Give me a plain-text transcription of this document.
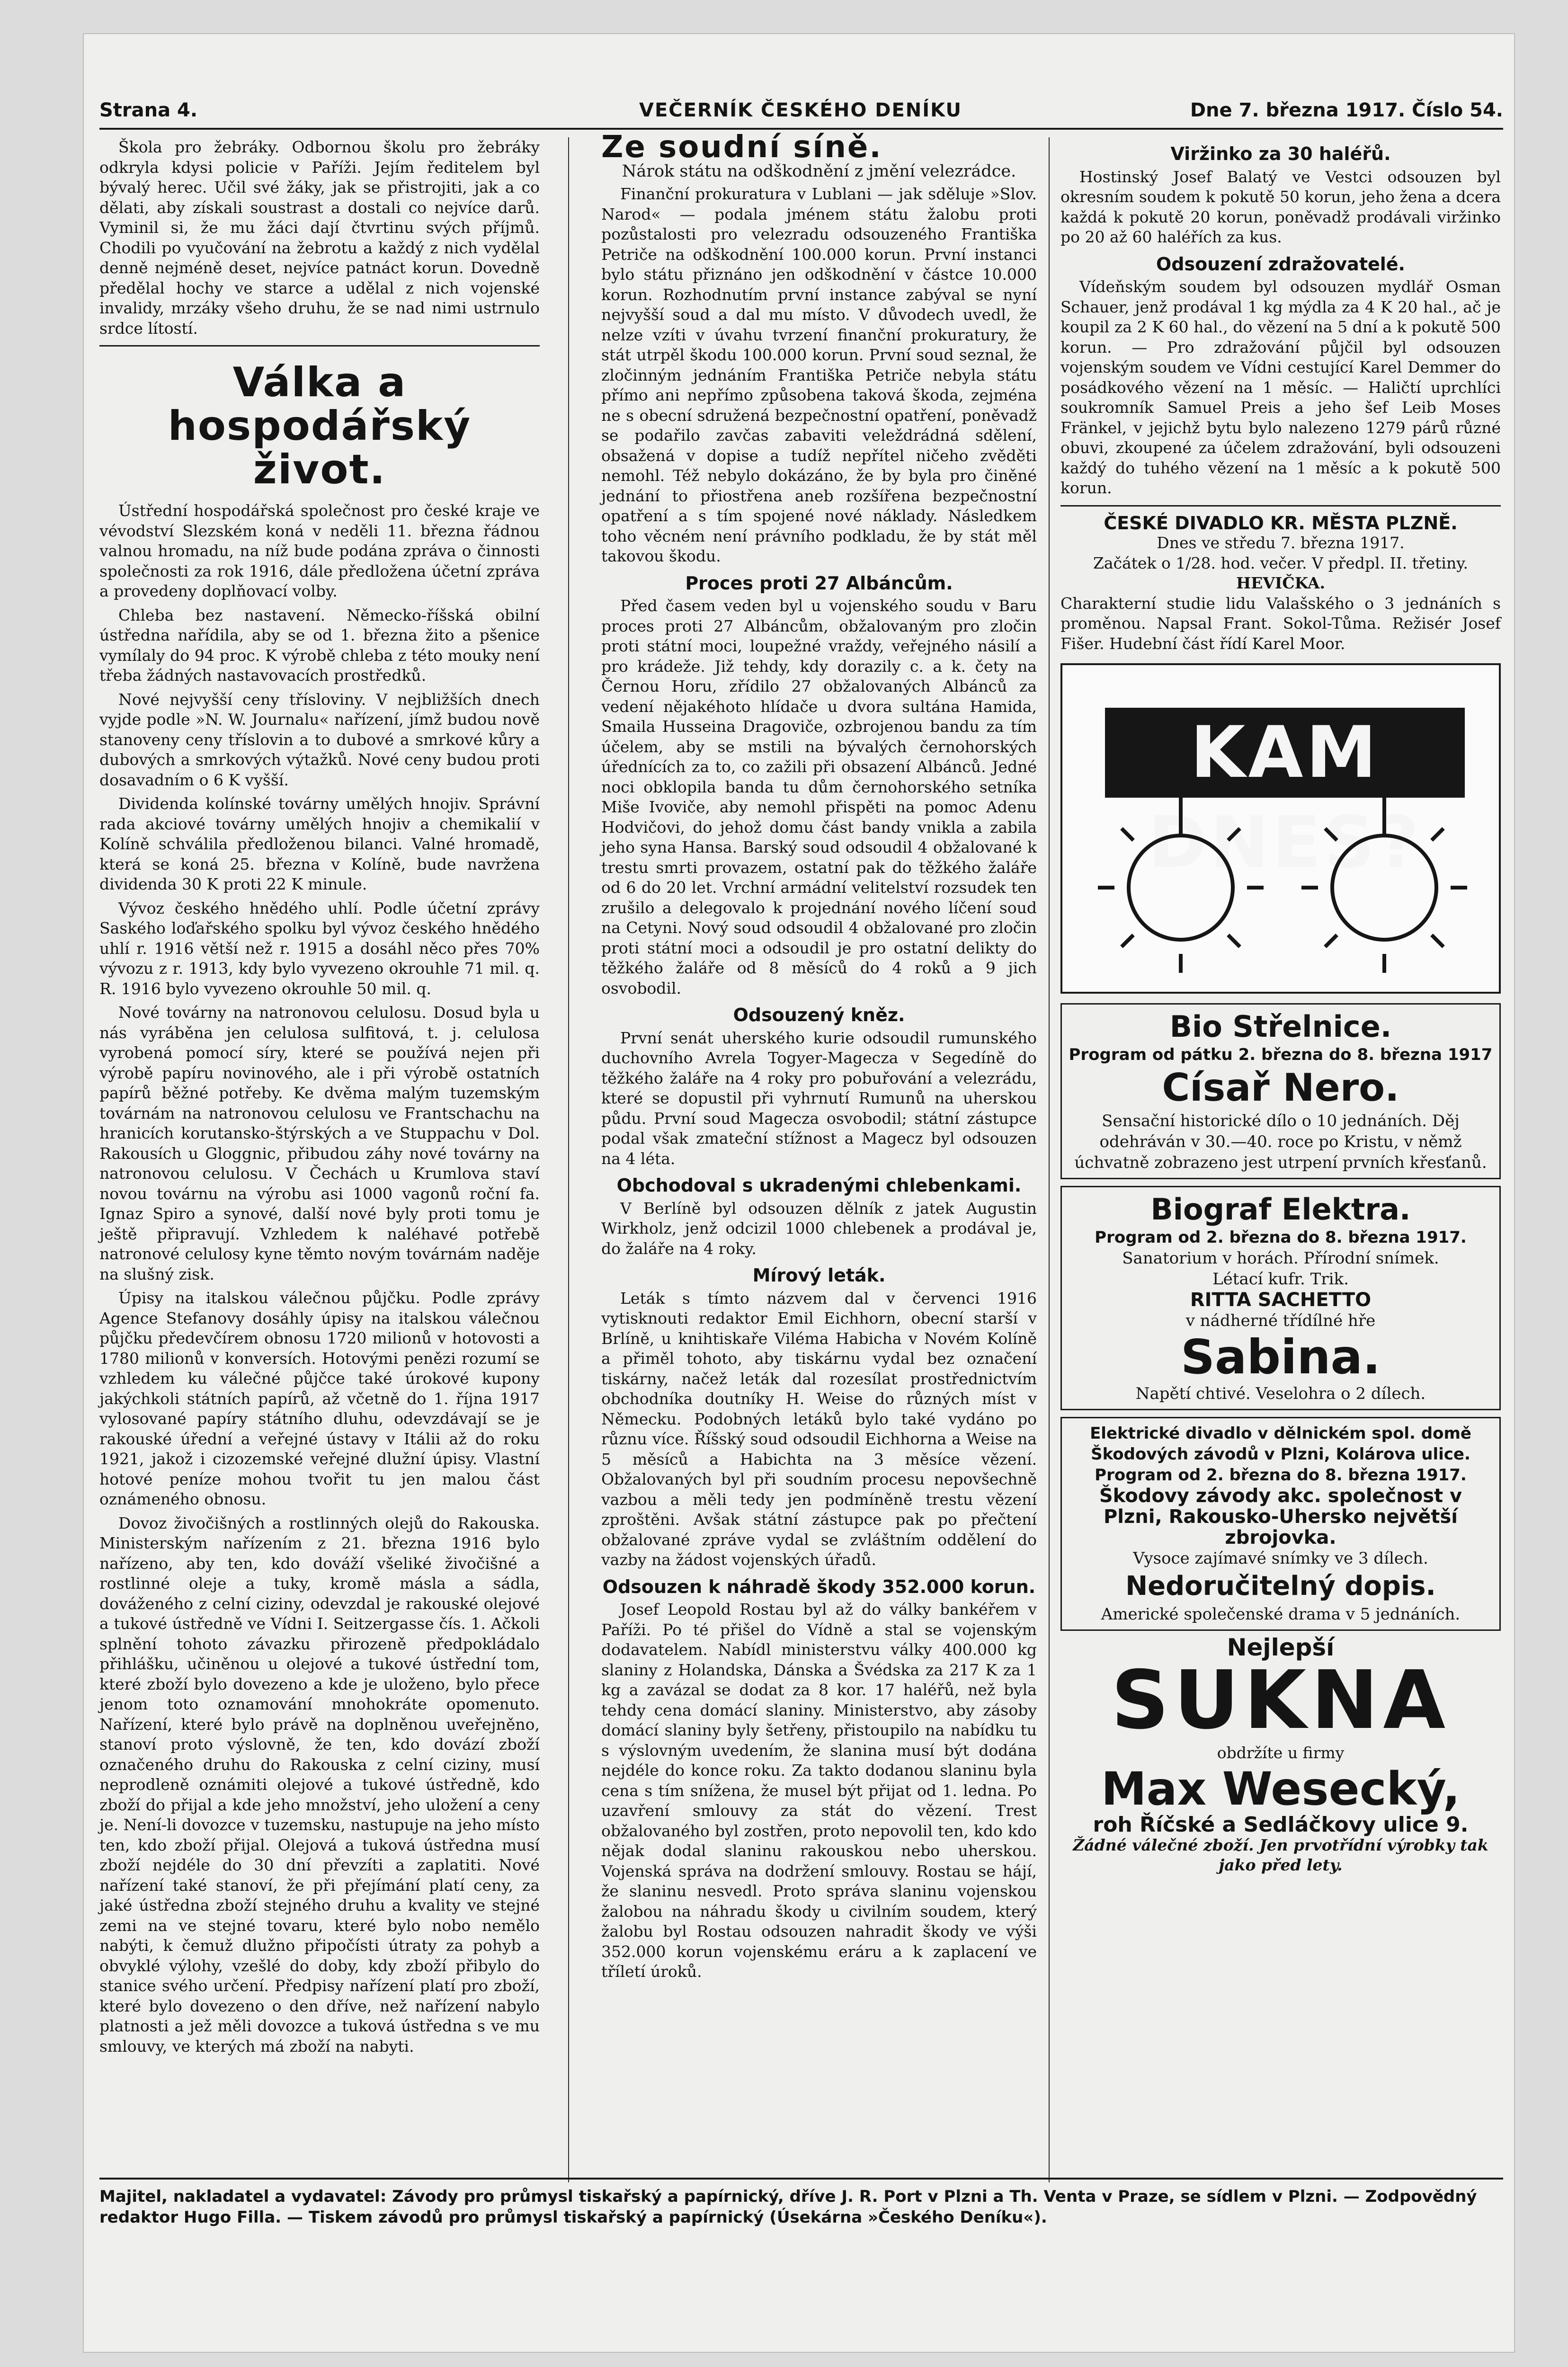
Strana 4.	VEČERNÍK ČESKÉHO DENÍKU	Dne 7. března 1917. Číslo 54.

Škola pro žebráky. Odbornou školu pro žebráky odkryla kdysi policie v Paříži. Jejím ředitelem byl bývalý herec. Učil své žáky, jak se přistrojiti, jak a co dělati, aby získali soustrast a dostali co nejvíce darů. Vyminil si, že mu žáci dají čtvrtinu svých příjmů. Chodili po vyučování na žebrotu a každý z nich vydělal denně nejméně deset, nejvíce patnáct korun. Dovedně předělal hochy ve starce a udělal z nich vojenské invalidy, mrzáky všeho druhu, že se nad nimi ustrnulo srdce lítostí.

Válka a hospodářský život.

Ústřední hospodářská společnost pro české kraje ve vévodství Slezském koná v neděli 11. března řádnou valnou hromadu, na níž bude podána zpráva o činnosti společnosti za rok 1916, dále předložena účetní zpráva a provedeny doplňovací volby.

Chleba bez nastavení. Německo-říšská obilní ústředna nařídila, aby se od 1. března žito a pšenice vymílaly do 94 proc. K výrobě chleba z této mouky není třeba žádných nastavovacích prostředků.

Nové nejvyšší ceny třísloviny. V nejbližších dnech vyjde podle »N. W. Journalu« nařízení, jímž budou nově stanoveny ceny tříslovin a to dubové a smrkové kůry a dubových a smrkových výtažků. Nové ceny budou proti dosavadním o 6 K vyšší.

Dividenda kolínské továrny umělých hnojiv. Správní rada akciové továrny umělých hnojiv a chemikalií v Kolíně schválila předloženou bilanci. Valné hromadě, která se koná 25. března v Kolíně, bude navržena dividenda 30 K proti 22 K minule.

Vývoz českého hnědého uhlí. Podle účetní zprávy Saského loďařského spolku byl vývoz českého hnědého uhlí r. 1916 větší než r. 1915 a dosáhl něco přes 70% vývozu z r. 1913, kdy bylo vyvezeno okrouhle 71 mil. q. R. 1916 bylo vyvezeno okrouhle 50 mil. q.

Nové továrny na natronovou celulosu. Dosud byla u nás vyráběna jen celulosa sulfitová, t. j. celulosa vyrobená pomocí síry, které se používá nejen při výrobě papíru novinového, ale i při výrobě ostatních papírů běžné potřeby. Ke dvěma malým tuzemským továrnám na natronovou celulosu ve Frantschachu na hranicích korutansko-štýrských a ve Stuppachu v Dol. Rakousích u Gloggnic, přibudou záhy nové továrny na natronovou celulosu. V Čechách u Krumlova staví novou továrnu na výrobu asi 1000 vagonů roční fa. Ignaz Spiro a synové, další nové byly proti tomu je ještě připravují. Vzhledem k naléhavé potřebě natronové celulosy kyne těmto novým továrnám naděje na slušný zisk.

Úpisy na italskou válečnou půjčku. Podle zprávy Agence Stefanovy dosáhly úpisy na italskou válečnou půjčku předevčírem obnosu 1720 milionů v hotovosti a 1780 milionů v konversích. Hotovými penězi rozumí se vzhledem ku válečné půjčce také úrokové kupony jakýchkoli státních papírů, až včetně do 1. října 1917 vylosované papíry státního dluhu, odevzdávají se je rakouské úřední a veřejné ústavy v Itálii až do roku 1921, jakož i cizozemské veřejné dlužní úpisy. Vlastní hotové peníze mohou tvořit tu jen malou část oznámeného obnosu.

Dovoz živočišných a rostlinných olejů do Rakouska. Ministerským nařízením z 21. března 1916 bylo nařízeno, aby ten, kdo dováží všeliké živočišné a rostlinné oleje a tuky, kromě másla a sádla, dováženého z celní ciziny, odevzdal je rakouské olejové a tukové ústředně ve Vídni I. Seitzergasse čís. 1. Ačkoli splnění tohoto závazku přirozeně předpokládalo přihlášku, učiněnou u olejové a tukové ústřední tom, které zboží bylo dovezeno a kde je uloženo, bylo přece jenom toto oznamování mnohokráte opomenuto. Nařízení, které bylo právě na doplněnou uveřejněno, stanoví proto výslovně, že ten, kdo dovází zboží označeného druhu do Rakouska z celní ciziny, musí neprodleně oznámiti olejové a tukové ústředně, kdo zboží do přijal a kde jeho množství, jeho uložení a ceny je. Není-li dovozce v tuzemsku, nastupuje na jeho místo ten, kdo zboží přijal. Olejová a tuková ústředna musí zboží nejdéle do 30 dní převzíti a zaplatiti. Nové nařízení také stanoví, že při přejímání platí ceny, za jaké ústředna zboží stejného druhu a kvality ve stejné zemi na ve stejné tovaru, které bylo nobo nemělo nabýti, k čemuž dlužno připočísti útraty za pohyb a obvyklé výlohy, vzešlé do doby, kdy zboží přibylo do stanice svého určení. Předpisy nařízení platí pro zboží, které bylo dovezeno o den dříve, než nařízení nabylo platnosti a jež měli dovozce a tuková ústředna s ve mu smlouvy, ve kterých má zboží na nabyti.

Ze soudní síně.
Nárok státu na odškodnění z jmění velezrádce.

Finanční prokuratura v Lublani — jak sděluje »Slov. Narod« — podala jménem státu žalobu proti pozůstalosti pro velezradu odsouzeného Františka Petriče na odškodnění 100.000 korun. První instanci bylo státu přiznáno jen odškodnění v částce 10.000 korun. Rozhodnutím první instance zabýval se nyní nejvyšší soud a dal mu místo. V důvodech uvedl, že nelze vzíti v úvahu tvrzení finanční prokuratury, že stát utrpěl škodu 100.000 korun. První soud seznal, že zločinným jednáním Františka Petriče nebyla státu přímo ani nepřímo způsobena taková škoda, zejména ne s obecní sdružená bezpečnostní opatření, poněvadž se podařilo zavčas zabaviti veleždrádná sdělení, obsažená v dopise a tudíž nepřítel ničeho zvěděti nemohl. Též nebylo dokázáno, že by byla pro činěné jednání to přiostřena aneb rozšířena bezpečnostní opatření a s tím spojené nové náklady. Následkem toho věcném není právního podkladu, že by stát měl takovou škodu.

Proces proti 27 Albáncům.

Před časem veden byl u vojenského soudu v Baru proces proti 27 Albáncům, obžalovaným pro zločin proti státní moci, loupežné vraždy, veřejného násilí a pro krádeže. Již tehdy, kdy dorazily c. a k. čety na Černou Horu, zřídilo 27 obžalovaných Albánců za vedení nějakéhoto hlídače u dvora sultána Hamida, Smaila Husseina Dragoviče, ozbrojenou bandu za tím účelem, aby se mstili na bývalých černohorských úřednících za to, co zažili při obsazení Albánců. Jedné noci obklopila banda tu dům černohorského setníka Miše Ivoviče, aby nemohl přispěti na pomoc Adenu Hodvičovi, do jehož domu část bandy vnikla a zabila jeho syna Hansa. Barský soud odsoudil 4 obžalované k trestu smrti provazem, ostatní pak do těžkého žaláře od 6 do 20 let. Vrchní armádní velitelství rozsudek ten zrušilo a delegovalo k projednání nového líčení soud na Cetyni. Nový soud odsoudil 4 obžalované pro zločin proti státní moci a odsoudil je pro ostatní delikty do těžkého žaláře od 8 měsíců do 4 roků a 9 jich osvobodil.

Odsouzený kněz.

První senát uherského kurie odsoudil rumunského duchovního Avrela Togyer-Magecza v Segedíně do těžkého žaláře na 4 roky pro pobuřování a velezrádu, které se dopustil při vyhrnutí Rumunů na uherskou půdu. První soud Magecza osvobodil; státní zástupce podal však zmateční stížnost a Magecz byl odsouzen na 4 léta.

Obchodoval s ukradenými chlebenkami.

V Berlíně byl odsouzen dělník z jatek Augustin Wirkholz, jenž odcizil 1000 chlebenek a prodával je, do žaláře na 4 roky.

Mírový leták.

Leták s tímto názvem dal v červenci 1916 vytisknouti redaktor Emil Eichhorn, obecní starší v Brlíně, u knihtiskaře Viléma Habicha v Novém Kolíně a přiměl tohoto, aby tiskárnu vydal bez označení tiskárny, načež leták dal rozesílat prostřednictvím obchodníka doutníky H. Weise do různých míst v Německu. Podobných letáků bylo také vydáno po různu více. Říšský soud odsoudil Eichhorna a Weise na 5 měsíců a Habichta na 3 měsíce vězení. Obžalovaných byl při soudním procesu nepovšechně vazbou a měli tedy jen podmíněně trestu vězení zproštěni. Avšak státní zástupce pak po přečtení obžalované zpráve vydal se zvláštním oddělení do vazby na žádost vojenských úřadů.

Odsouzen k náhradě škody 352.000 korun.

Josef Leopold Rostau byl až do války bankéřem v Paříži. Po té přišel do Vídně a stal se vojenským dodavatelem. Nabídl ministerstvu války 400.000 kg slaniny z Holandska, Dánska a Švédska za 217 K za 1 kg a zavázal se dodat za 8 kor. 17 haléřů, než byla tehdy cena domácí slaniny. Ministerstvo, aby zásoby domácí slaniny byly šetřeny, přistoupilo na nabídku tu s výslovným uvedením, že slanina musí být dodána nejdéle do konce roku. Za takto dodanou slaninu byla cena s tím snížena, že musel být přijat od 1. ledna. Po uzavření smlouvy za stát do vězení. Trest obžalovaného byl zostřen, proto nepovolil ten, kdo kdo nějak dodal slaninu rakouskou nebo uherskou. Vojenská správa na dodržení smlouvy. Rostau se hájí, že slaninu nesvedl. Proto správa slaninu vojenskou žalobou na náhradu škody u civilním soudem, který žalobu byl Rostau odsouzen nahradit škody ve výši 352.000 korun vojenskému eráru a k zaplacení ve tříletí úroků.

Viržinko za 30 haléřů.

Hostinský Josef Balatý ve Vestci odsouzen byl okresním soudem k pokutě 50 korun, jeho žena a dcera každá k pokutě 20 korun, poněvadž prodávali viržinko po 20 až 60 haléřích za kus.

Odsouzení zdražovatelé.

Vídeňským soudem byl odsouzen mydlář Osman Schauer, jenž prodával 1 kg mýdla za 4 K 20 hal., ač je koupil za 2 K 60 hal., do vězení na 5 dní a k pokutě 500 korun. — Pro zdražování půjčil byl odsouzen vojenským soudem ve Vídni cestující Karel Demmer do posádkového vězení na 1 měsíc. — Haličtí uprchlíci soukromník Samuel Preis a jeho šef Leib Moses Fränkel, v jejichž bytu bylo nalezeno 1279 párů různé obuvi, zkoupené za účelem zdražování, byli odsouzeni každý do tuhého vězení na 1 měsíc a k pokutě 500 korun.

ČESKÉ DIVADLO KR. MĚSTA PLZNĚ.
Dnes ve středu 7. března 1917.
Začátek o 1/28. hod. večer. V předpl. II. třetiny.
HEVIČKA.
Charakterní studie lidu Valašského o 3 jednáních s proměnou. Napsal Frant. Sokol-Tůma. Režisér Josef Fišer. Hudební část řídí Karel Moor.
KAM DNES?
Bio Střelnice.
Program od pátku 2. března do 8. března 1917
Císař Nero.
Sensační historické dílo o 10 jednáních. Děj odehráván v 30.—40. roce po Kristu, v němž úchvatně zobrazeno jest utrpení prvních křesťanů.
Biograf Elektra.
Program od 2. března do 8. března 1917.
Sanatorium v horách. Přírodní snímek.
Létací kufr. Trik.
RITTA SACHETTO
v nádherné třídílné hře
Sabina.
Napětí chtivé. Veselohra o 2 dílech.
Elektrické divadlo v dělnickém spol. domě Škodových závodů v Plzni, Kolárova ulice.
Program od 2. března do 8. března 1917.
Škodovy závody akc. společnost v Plzni, Rakousko-Uhersko největší zbrojovka.
Vysoce zajímavé snímky ve 3 dílech.
Nedoručitelný dopis.
Americké společenské drama v 5 jednáních.
Nejlepší
SUKNA
obdržíte u firmy
Max Wesecký,
roh Říčské a Sedláčkovy ulice 9.
Žádné válečné zboží. Jen prvotřídní výrobky tak jako před lety.
Majitel, nakladatel a vydavatel: Závody pro průmysl tiskařský a papírnický, dříve J. R. Port v Plzni a Th. Venta v Praze, se sídlem v Plzni. — Zodpovědný redaktor Hugo Filla. — Tiskem závodů pro průmysl tiskařský a papírnický (Úsekárna »Českého Deníku«).
